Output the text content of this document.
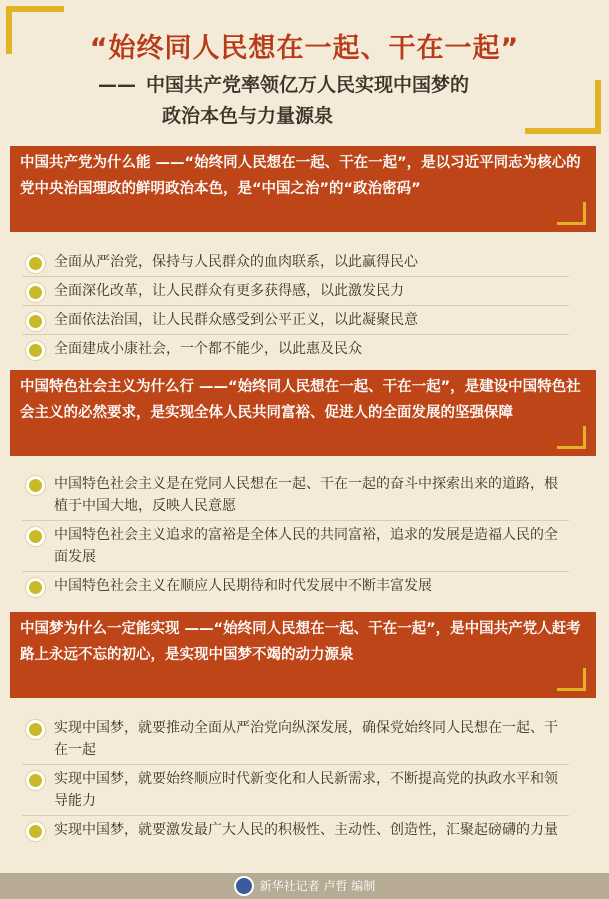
“始终同人民想在一起、干在一起”
—— 中国共产党率领亿万人民实现中国梦的
政治本色与力量源泉
中国共产党为什么能 ——“始终同人民想在一起、干在一起”，是以习近平同志为核心的党中央治国理政的鲜明政治本色，是“中国之治”的“政治密码”
全面从严治党，保持与人民群众的血肉联系，以此赢得民心
全面深化改革，让人民群众有更多获得感，以此激发民力
全面依法治国，让人民群众感受到公平正义，以此凝聚民意
全面建成小康社会，一个都不能少，以此惠及民众
中国特色社会主义为什么行 ——“始终同人民想在一起、干在一起”，是建设中国特色社会主义的必然要求，是实现全体人民共同富裕、促进人的全面发展的坚强保障
中国特色社会主义是在党同人民想在一起、干在一起的奋斗中探索出来的道路，根植于中国大地，反映人民意愿
中国特色社会主义追求的富裕是全体人民的共同富裕，追求的发展是造福人民的全面发展
中国特色社会主义在顺应人民期待和时代发展中不断丰富发展
中国梦为什么一定能实现 ——“始终同人民想在一起、干在一起”，是中国共产党人赶考路上永远不忘的初心，是实现中国梦不竭的动力源泉
实现中国梦，就要推动全面从严治党向纵深发展，确保党始终同人民想在一起、干在一起
实现中国梦，就要始终顺应时代新变化和人民新需求，不断提高党的执政水平和领导能力
实现中国梦，就要激发最广大人民的积极性、主动性、创造性，汇聚起磅礴的力量
新华社记者 卢哲 编制
